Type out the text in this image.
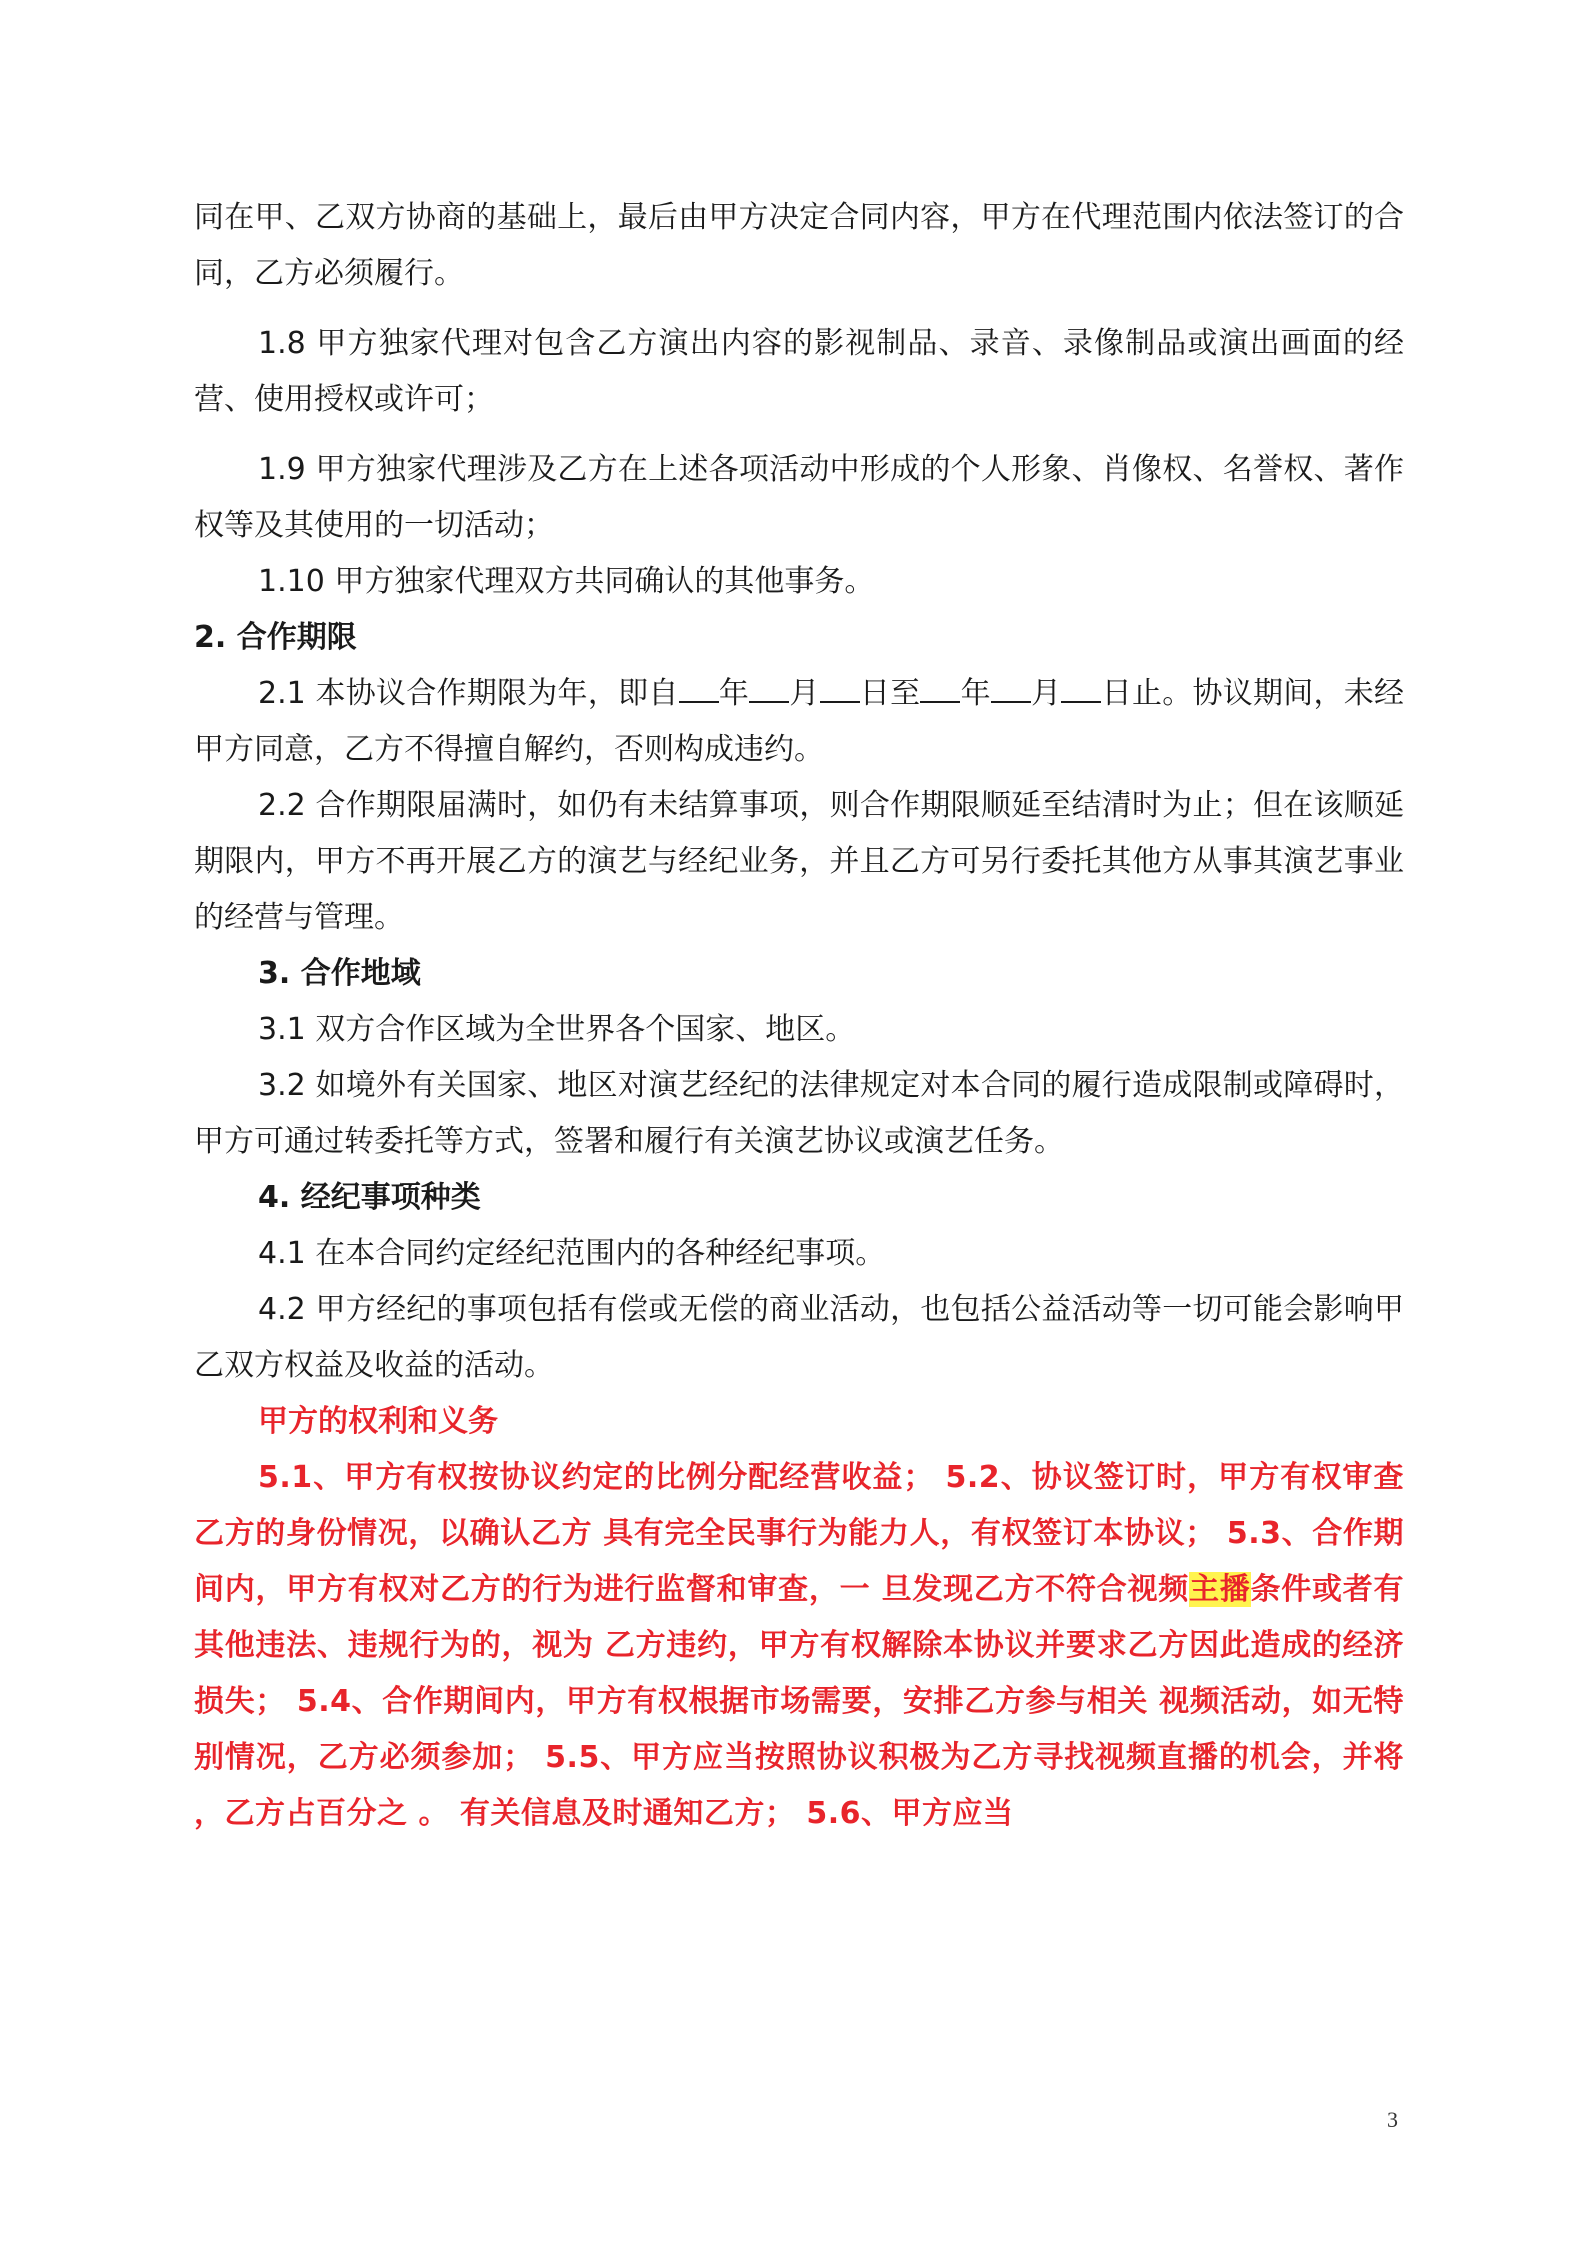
同在甲、乙双方协商的基础上，最后由甲方决定合同内容，甲方在代理范围内依法签订的合同，乙方必须履行。

1.8 甲方独家代理对包含乙方演出内容的影视制品、录音、录像制品或演出画面的经营、使用授权或许可；

1.9 甲方独家代理涉及乙方在上述各项活动中形成的个人形象、肖像权、名誉权、著作权等及其使用的一切活动；

1.10 甲方独家代理双方共同确认的其他事务。

2. 合作期限

2.1 本协议合作期限为年，即自 年 月 日至 年 月 日止。协议期间，未经甲方同意，乙方不得擅自解约，否则构成违约。

2.2 合作期限届满时，如仍有未结算事项，则合作期限顺延至结清时为止；但在该顺延期限内，甲方不再开展乙方的演艺与经纪业务，并且乙方可另行委托其他方从事其演艺事业的经营与管理。

3. 合作地域

3.1 双方合作区域为全世界各个国家、地区。

3.2 如境外有关国家、地区对演艺经纪的法律规定对本合同的履行造成限制或障碍时，甲方可通过转委托等方式，签署和履行有关演艺协议或演艺任务。

4. 经纪事项种类

4.1 在本合同约定经纪范围内的各种经纪事项。

4.2 甲方经纪的事项包括有偿或无偿的商业活动，也包括公益活动等一切可能会影响甲乙双方权益及收益的活动。

甲方的权利和义务

5.1、甲方有权按协议约定的比例分配经营收益； 5.2、协议签订时，甲方有权审查乙方的身份情况，以确认乙方 具有完全民事行为能力人，有权签订本协议； 5.3、合作期间内，甲方有权对乙方的行为进行监督和审查，一 旦发现乙方不符合视频主播条件或者有其他违法、违规行为的，视为 乙方违约，甲方有权解除本协议并要求乙方因此造成的经济损失； 5.4、合作期间内，甲方有权根据市场需要，安排乙方参与相关 视频活动，如无特别情况，乙方必须参加； 5.5、甲方应当按照协议积极为乙方寻找视频直播的机会，并将 ，乙方占百分之 。 有关信息及时通知乙方； 5.6、甲方应当

3
